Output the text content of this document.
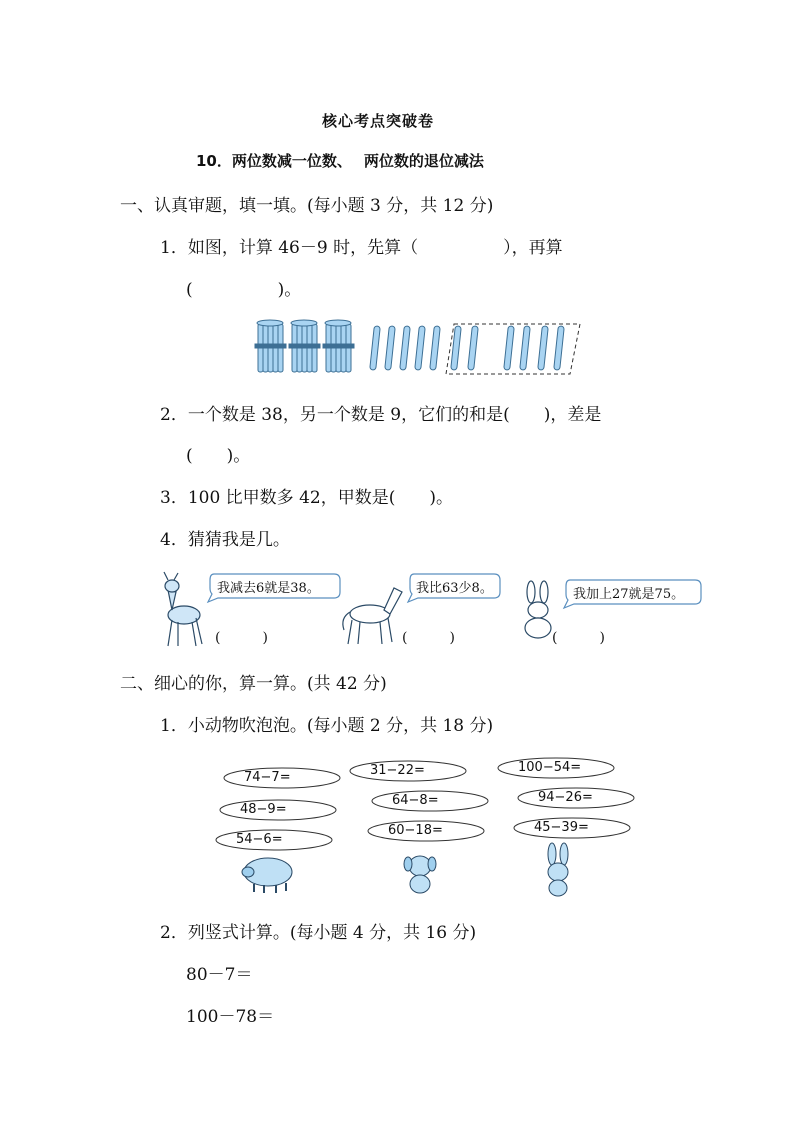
核心考点突破卷
10．两位数减一位数、 两位数的退位减法
一、认真审题，填一填。(每小题 3 分，共 12 分)
1．如图，计算 46－9 时，先算（　　　　　），再算
(　　　　　)。
2．一个数是 38，另一个数是 9，它们的和是(　　)，差是
(　　)。
3．100 比甲数多 42，甲数是(　　)。
4．猜猜我是几。
我减去6就是38。
(　　　)
我比63少8。
(　　　)
我加上27就是75。
(　　　)
二、细心的你，算一算。(共 42 分)
1．小动物吹泡泡。(每小题 2 分，共 18 分)
74−7=
48−9=
54−6=
31−22=
64−8=
60−18=
100−54=
94−26=
45−39=
2．列竖式计算。(每小题 4 分，共 16 分)
80－7＝
100－78＝
